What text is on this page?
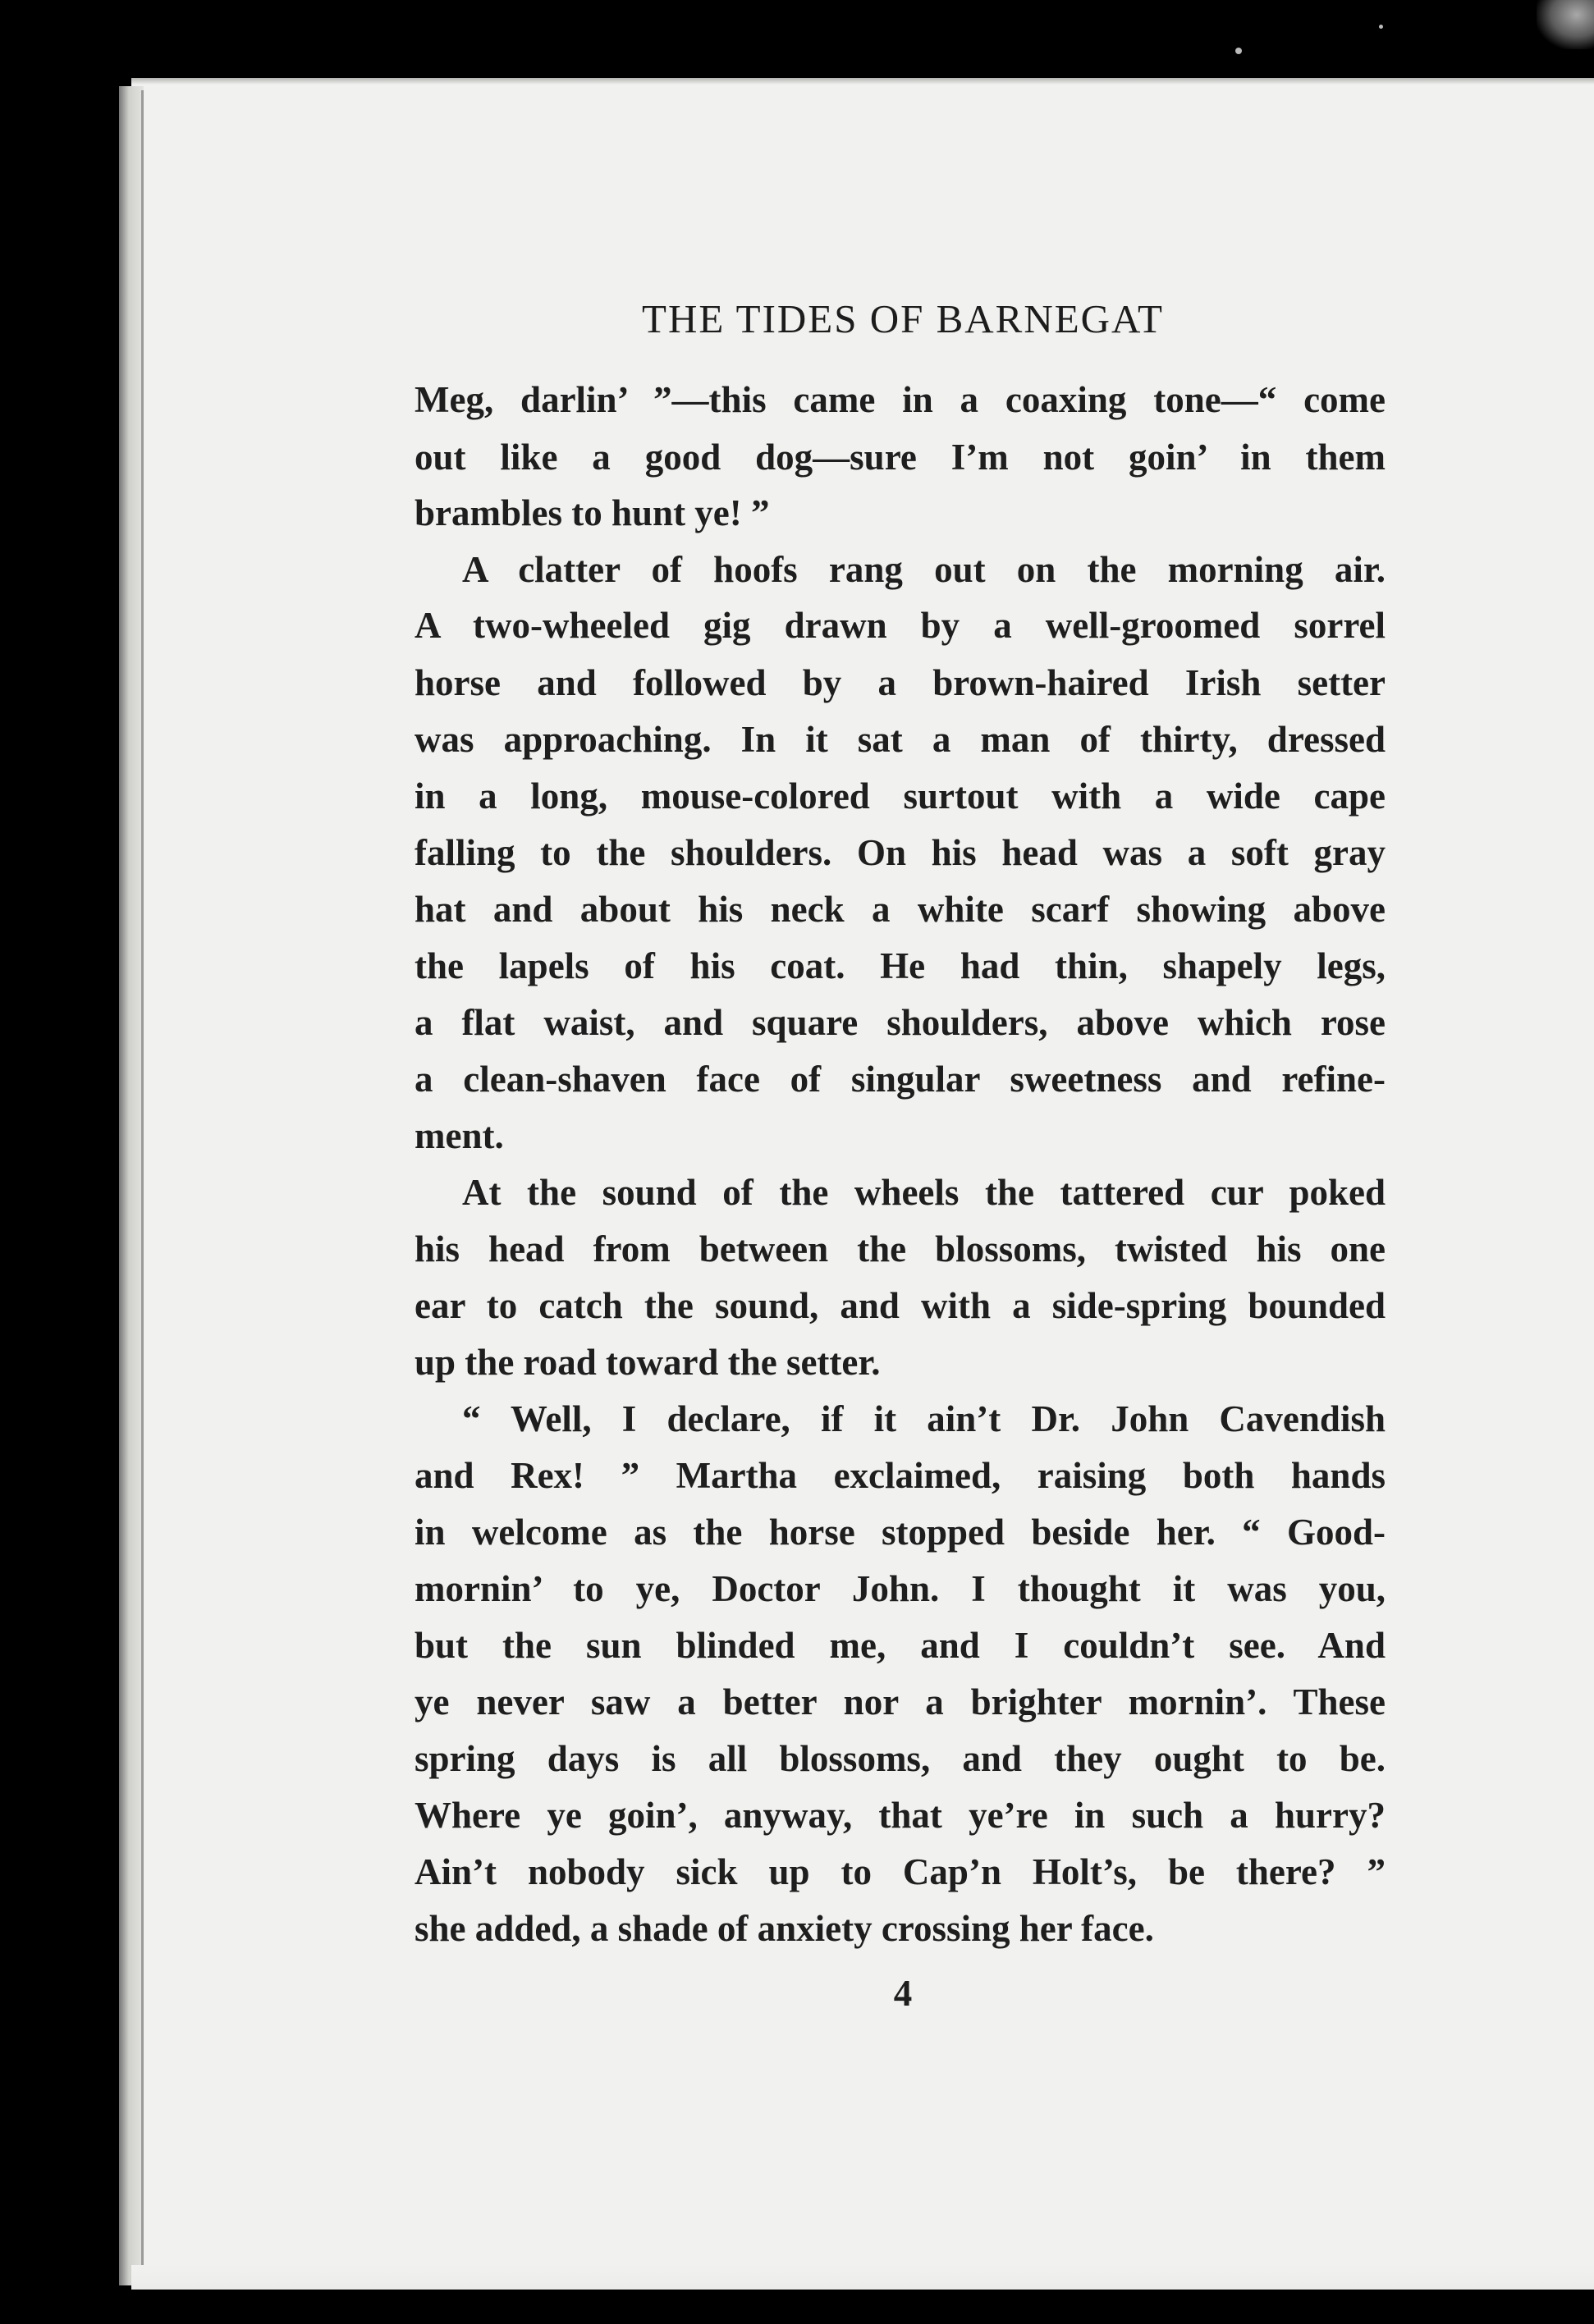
THE TIDES OF BARNEGAT
Meg, darlin’ ”—this came in a coaxing tone—“ come
out like a good dog—sure I’m not goin’ in them
brambles to hunt ye! ”
A clatter of hoofs rang out on the morning air.
A two-wheeled gig drawn by a well-groomed sorrel
horse and followed by a brown-haired Irish setter
was approaching. In it sat a man of thirty, dressed
in a long, mouse-colored surtout with a wide cape
falling to the shoulders. On his head was a soft gray
hat and about his neck a white scarf showing above
the lapels of his coat. He had thin, shapely legs,
a flat waist, and square shoulders, above which rose
a clean-shaven face of singular sweetness and refine-
ment.
At the sound of the wheels the tattered cur poked
his head from between the blossoms, twisted his one
ear to catch the sound, and with a side-spring bounded
up the road toward the setter.
“ Well, I declare, if it ain’t Dr. John Cavendish
and Rex! ” Martha exclaimed, raising both hands
in welcome as the horse stopped beside her. “ Good-
mornin’ to ye, Doctor John. I thought it was you,
but the sun blinded me, and I couldn’t see. And
ye never saw a better nor a brighter mornin’. These
spring days is all blossoms, and they ought to be.
Where ye goin’, anyway, that ye’re in such a hurry?
Ain’t nobody sick up to Cap’n Holt’s, be there? ”
she added, a shade of anxiety crossing her face.
4
